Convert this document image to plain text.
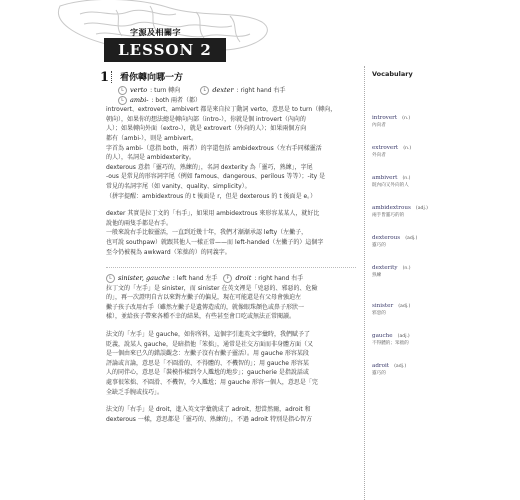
字源及相關字
LESSON 2
1 看你轉向哪一方
L verto : turn 轉向	L dexter : right hand 右手
L ambi- : both 兩者（都）

introvert、extrovert、ambivert 都是來自拉丁動詞 verto，意思是 to turn（轉向，

朝向），如果你的想法總是轉向內部（intro-），你就是個 introvert（內向的

人）；如果轉向外面（extro-），就是 extrovert（外向的人）；如果兩個方向

都有（ambi-），則是 ambivert。

字首為 ambi-（意指 both，兩者）的字還包括 ambidextrous（左右手同樣靈活

的人），名詞是 ambidexterity。

dexterous 意指「靈巧的，熟練的」，名詞 dexterity 為「靈巧，熟練」，字尾

-ous 是常見的形容詞字尾（例如 famous、dangerous、perilous 等等）；-ity 是

常見的名詞字尾（如 vanity、quality、simplicity）。

（拼字提醒：ambidextrous 的 t 後面是 r，但是 dexterous 的 t 後面是 e。）

dexter 其實是拉丁文的「右手」，如果用 ambidextrous 來形容某某人，就好比

說他的兩隻手都是右手。

一般來說右手比較靈活，一直到近幾十年，我們才漸漸承認 lefty（左撇子，

也可說 southpaw）就跟其他人一樣正常——而 left-handed（左撇子的）這個字

至今仍被視為 awkward（笨拙的）的同義字。

L sinister, gauche : left hand 左手	F droit : right hand 右手

拉丁文的「左手」是 sinister，而 sinister 在英文裡是「兇惡的、邪惡的、危險

的」，再一次證明自古以來對左撇子的偏見，現在可能還是有父母會強迫左

撇子孩子改用右手（雖然左撇子是遺傳造成的，就像眼珠顏色或鼻子形狀一

樣），並給孩子帶來各種不幸的結果，有些甚至會口吃或無法正常閱讀。

法文的「左手」是 gauche，如你所料，這個字引進英文字彙時，我們賦予了

貶義，說某人 gauche，是暗指他「笨拙」，通常是社交方面而非身體方面（又

是一個由來已久的錯誤觀念：左撇子沒有右撇子靈活）。用 gauche 形容某段

評論或言論，意思是「不圓滑的、不得體的、不機智的」；用 gauche 形容某

人的同伴心，意思是「裝模作樣到令人尷尬的地步」；gaucherie 是指說話或

處事很笨拙、不圓滑、不機智，令人尷尬；用 gauche 形容一個人，意思是「完

全缺乏手腕或技巧」。

法文的「右手」是 droit，進入英文字彙就成了 adroit，想當然爾，adroit 和

dexterous 一樣，意思都是「靈巧的、熟練的」，不過 adroit 特別是指心智方

Vocabulary
introvert (n.)
內向者
extrovert (n.)
外向者
ambivert (n.)
既內向又外向的人
ambidextrous (adj.)
兩手皆靈巧的的
dexterous (adj.)
靈巧的
dexterity (n.)
熟練
sinister (adj.)
邪惡的
gauche (adj.)
不得體的；笨拙的
adroit (adj.)
靈巧的
